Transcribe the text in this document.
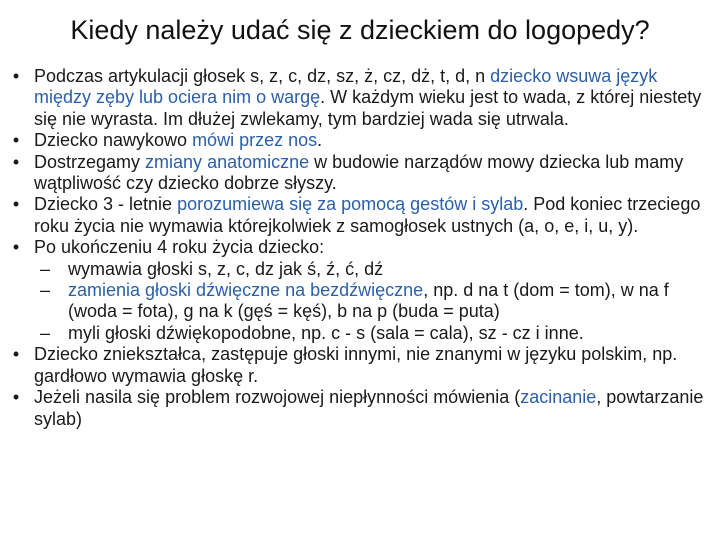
Kiedy należy udać się z dzieckiem do logopedy?
• Podczas artykulacji głosek s, z, c, dz, sz, ż, cz, dż, t, d, n dziecko wsuwa język między zęby lub ociera nim o wargę. W każdym wieku jest to wada, z której niestety się nie wyrasta. Im dłużej zwlekamy, tym bardziej wada się utrwala.
• Dziecko nawykowo mówi przez nos.
• Dostrzegamy zmiany anatomiczne w budowie narządów mowy dziecka lub mamy wątpliwość czy dziecko dobrze słyszy.
• Dziecko 3 - letnie porozumiewa się za pomocą gestów i sylab. Pod koniec trzeciego roku życia nie wymawia którejkolwiek z samogłosek ustnych (a, o, e, i, u, y).
• Po ukończeniu 4 roku życia dziecko:
– wymawia głoski s, z, c, dz jak ś, ź, ć, dź
– zamienia głoski dźwięczne na bezdźwięczne, np. d na t (dom = tom), w na f (woda = fota), g na k (gęś = kęś), b na p (buda = puta)
– myli głoski dźwiękopodobne, np. c - s (sala = cala), sz - cz i inne.
• Dziecko zniekształca, zastępuje głoski innymi, nie znanymi w języku polskim, np. gardłowo wymawia głoskę r.
• Jeżeli nasila się problem rozwojowej niepłynności mówienia (zacinanie, powtarzanie sylab)
